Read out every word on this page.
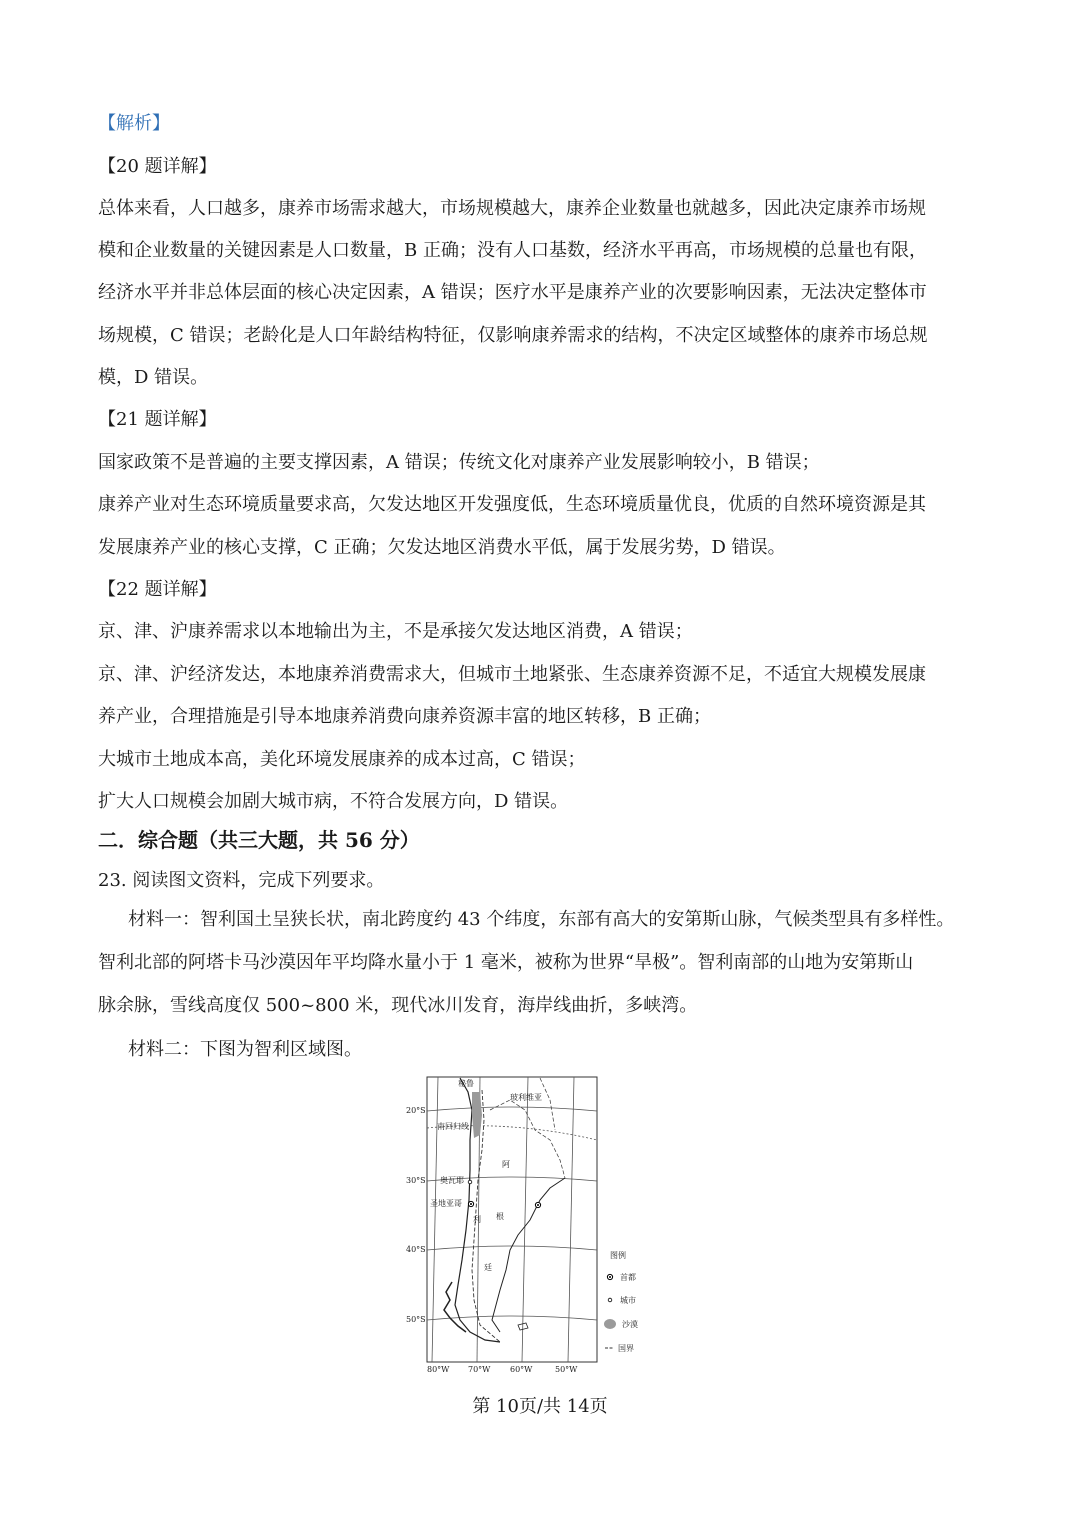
【解析】
【20 题详解】
总体来看，人口越多，康养市场需求越大，市场规模越大，康养企业数量也就越多，因此决定康养市场规
模和企业数量的关键因素是人口数量，B 正确；没有人口基数，经济水平再高，市场规模的总量也有限，
经济水平并非总体层面的核心决定因素，A 错误；医疗水平是康养产业的次要影响因素，无法决定整体市
场规模，C 错误；老龄化是人口年龄结构特征，仅影响康养需求的结构，不决定区域整体的康养市场总规
模，D 错误。
【21 题详解】
国家政策不是普遍的主要支撑因素，A 错误；传统文化对康养产业发展影响较小，B 错误；
康养产业对生态环境质量要求高，欠发达地区开发强度低，生态环境质量优良，优质的自然环境资源是其
发展康养产业的核心支撑，C 正确；欠发达地区消费水平低，属于发展劣势，D 错误。
【22 题详解】
京、津、沪康养需求以本地输出为主，不是承接欠发达地区消费，A 错误；
京、津、沪经济发达，本地康养消费需求大，但城市土地紧张、生态康养资源不足，不适宜大规模发展康
养产业，合理措施是引导本地康养消费向康养资源丰富的地区转移，B 正确；
大城市土地成本高，美化环境发展康养的成本过高，C 错误；
扩大人口规模会加剧大城市病，不符合发展方向，D 错误。
二．综合题（共三大题，共 56 分）
23. 阅读图文资料，完成下列要求。
材料一：智利国土呈狭长状，南北跨度约 43 个纬度，东部有高大的安第斯山脉，气候类型具有多样性。
智利北部的阿塔卡马沙漠因年平均降水量小于 1 毫米，被称为世界“旱极”。智利南部的山地为安第斯山
脉余脉，雪线高度仅 500~800 米，现代冰川发育，海岸线曲折，多峡湾。
材料二：下图为智利区域图。
20°S
30°S
40°S
50°S
80°W 70°W 60°W	50°W
秘鲁
玻利维亚
南回归线
阿
奥瓦耶
圣地亚哥
利 根
廷
图例
首都
城市
沙漠
国界
第 10页/共 14页
